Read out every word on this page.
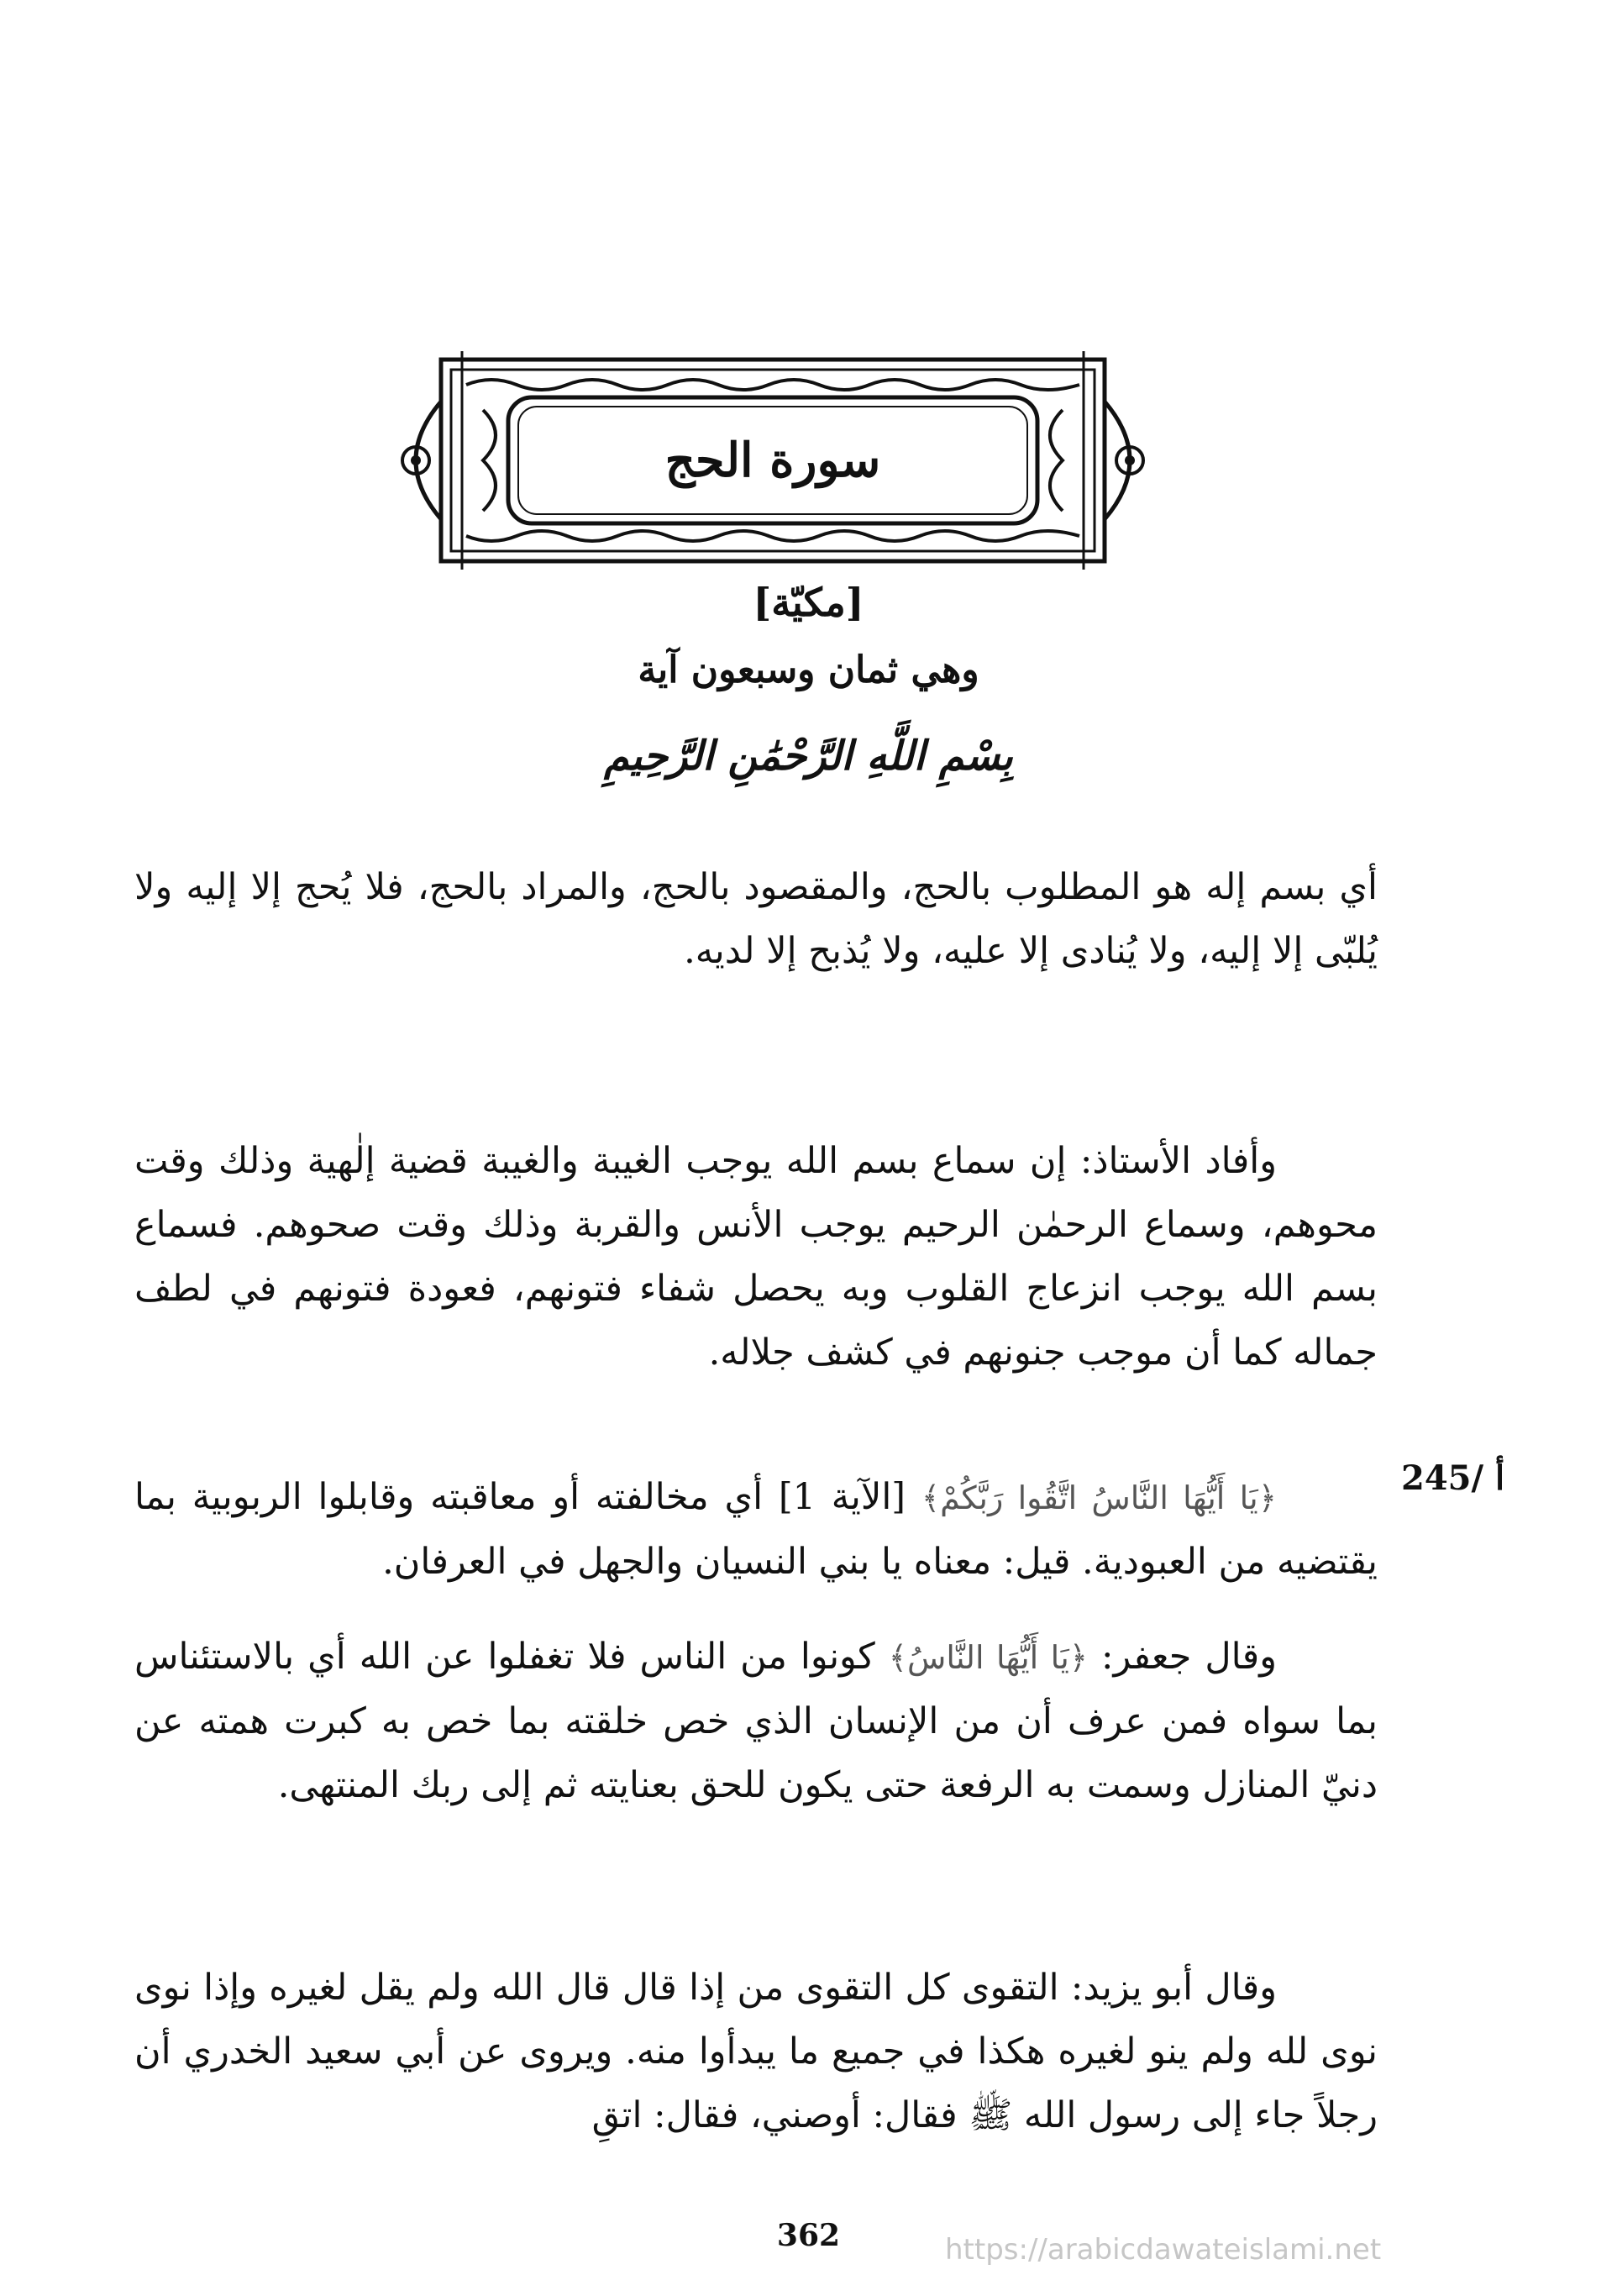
سورة الحج
[مكيّة]
وهي ثمان وسبعون آية
بِسْمِ اللَّهِ الرَّحْمَٰنِ الرَّحِيمِ

أي بسم إله هو المطلوب بالحج، والمقصود بالحج، والمراد بالحج، فلا يُحج إلا إليه ولا يُلبّى إلا إليه، ولا يُنادى إلا عليه، ولا يُذبح إلا لديه.

وأفاد الأستاذ: إن سماع بسم الله يوجب الغيبة والغيبة قضية إلٰهية وذلك وقت محوهم، وسماع الرحمٰن الرحيم يوجب الأنس والقربة وذلك وقت صحوهم. فسماع بسم الله يوجب انزعاج القلوب وبه يحصل شفاء فتونهم، فعودة فتونهم في لطف جماله كما أن موجب جنونهم في كشف جلاله.

﴿يَا أَيُّهَا النَّاسُ اتَّقُوا رَبَّكُمْ﴾ [الآية 1] أي مخالفته أو معاقبته وقابلوا الربوبية بما يقتضيه من العبودية. قيل: معناه يا بني النسيان والجهل في العرفان.

وقال جعفر: ﴿يَا أَيُّهَا النَّاسُ﴾ كونوا من الناس فلا تغفلوا عن الله أي بالاستئناس بما سواه فمن عرف أن من الإنسان الذي خص خلقته بما خص به كبرت همته عن دنيّ المنازل وسمت به الرفعة حتى يكون للحق بعنايته ثم إلى ربك المنتهى.

وقال أبو يزيد: التقوى كل التقوى من إذا قال قال الله ولم يقل لغيره وإذا نوى نوى لله ولم ينو لغيره هكذا في جميع ما يبدأوا منه. ويروى عن أبي سعيد الخدري أن رجلاً جاء إلى رسول الله ﷺ فقال: أوصني، فقال: اتقِ

245/ أ
362	https://arabicdawateislami.net
